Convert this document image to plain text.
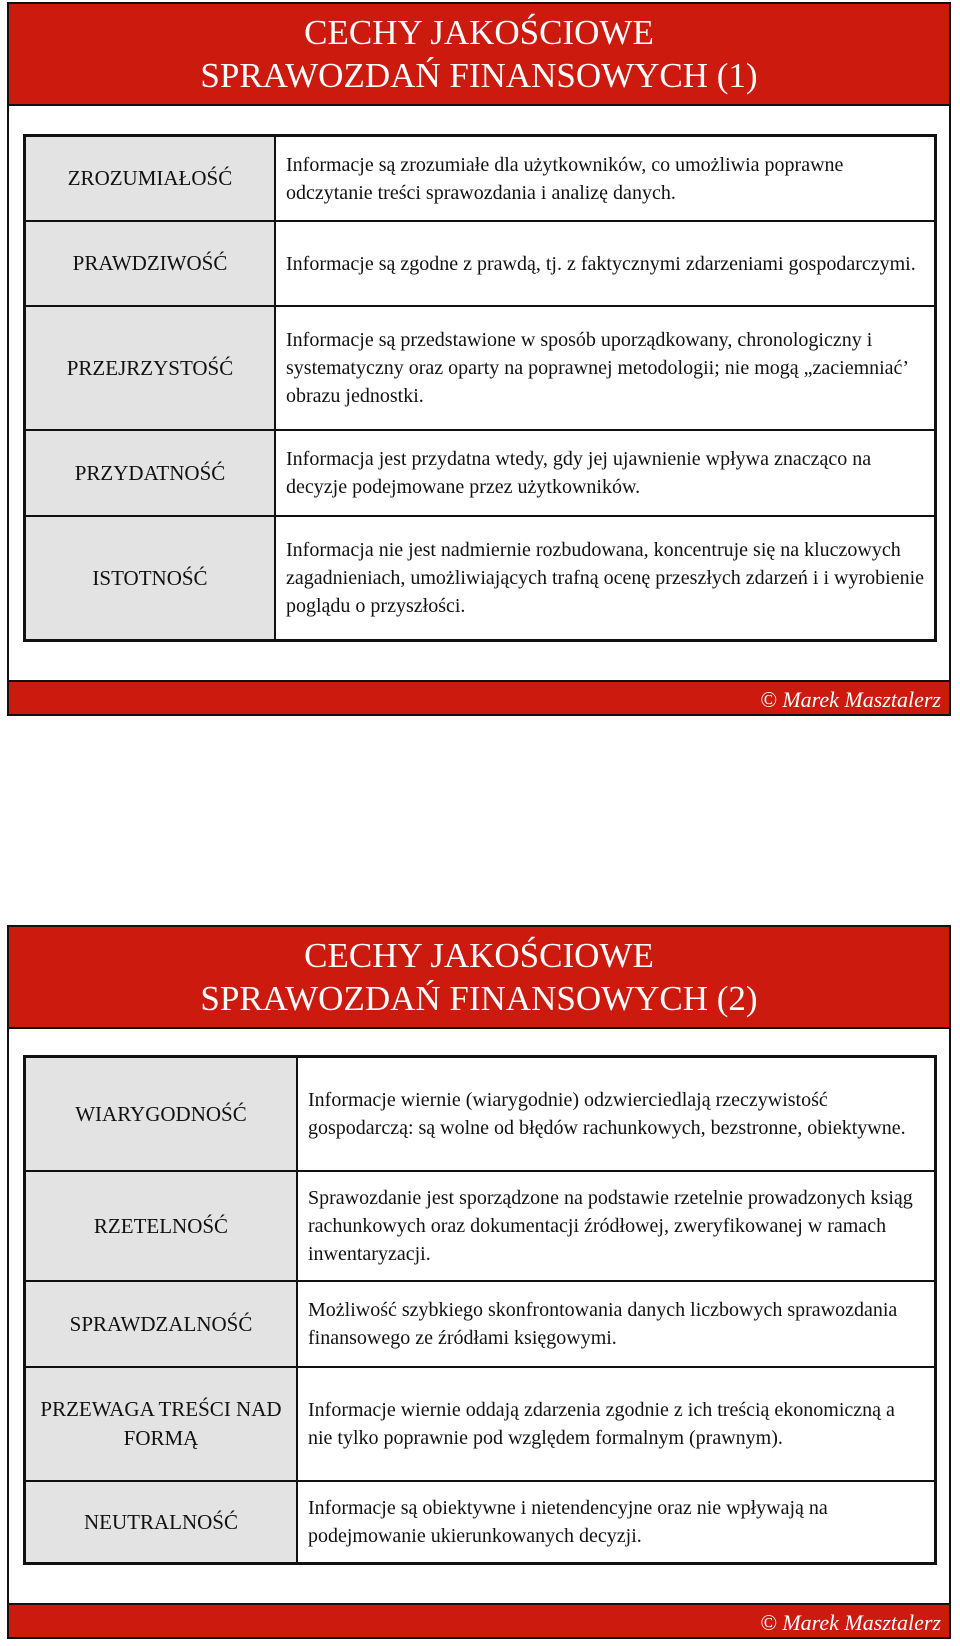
CECHY JAKOŚCIOWE
SPRAWOZDAŃ FINANSOWYCH (1)
ZROZUMIAŁOŚĆ
Informacje są zrozumiałe dla użytkowników, co umożliwia poprawne odczytanie treści sprawozdania i analizę danych.
PRAWDZIWOŚĆ	Informacje są zgodne z prawdą, tj. z faktycznymi zdarzeniami gospodarczymi.
PRZEJRZYSTOŚĆ
Informacje są przedstawione w sposób uporządkowany, chronologiczny i systematyczny oraz oparty na poprawnej metodologii; nie mogą „zaciemniać’ obrazu jednostki.
PRZYDATNOŚĆ
Informacja jest przydatna wtedy, gdy jej ujawnienie wpływa znacząco na decyzje podejmowane przez użytkowników.
ISTOTNOŚĆ
Informacja nie jest nadmiernie rozbudowana, koncentruje się na kluczowych zagadnieniach, umożliwiających trafną ocenę przeszłych zdarzeń i i wyrobienie poglądu o przyszłości.
© Marek Masztalerz
CECHY JAKOŚCIOWE
SPRAWOZDAŃ FINANSOWYCH (2)
WIARYGODNOŚĆ
Informacje wiernie (wiarygodnie) odzwierciedlają rzeczywistość gospodarczą: są wolne od błędów rachunkowych, bezstronne, obiektywne.
RZETELNOŚĆ
Sprawozdanie jest sporządzone na podstawie rzetelnie prowadzonych ksiąg rachunkowych oraz dokumentacji źródłowej, zweryfikowanej w ramach inwentaryzacji.
SPRAWDZALNOŚĆ
Możliwość szybkiego skonfrontowania danych liczbowych sprawozdania finansowego ze źródłami księgowymi.
PRZEWAGA TREŚCI NAD FORMĄ
Informacje wiernie oddają zdarzenia zgodnie z ich treścią ekonomiczną a nie tylko poprawnie pod względem formalnym (prawnym).
NEUTRALNOŚĆ
Informacje są obiektywne i nietendencyjne oraz nie wpływają na podejmowanie ukierunkowanych decyzji.
© Marek Masztalerz
